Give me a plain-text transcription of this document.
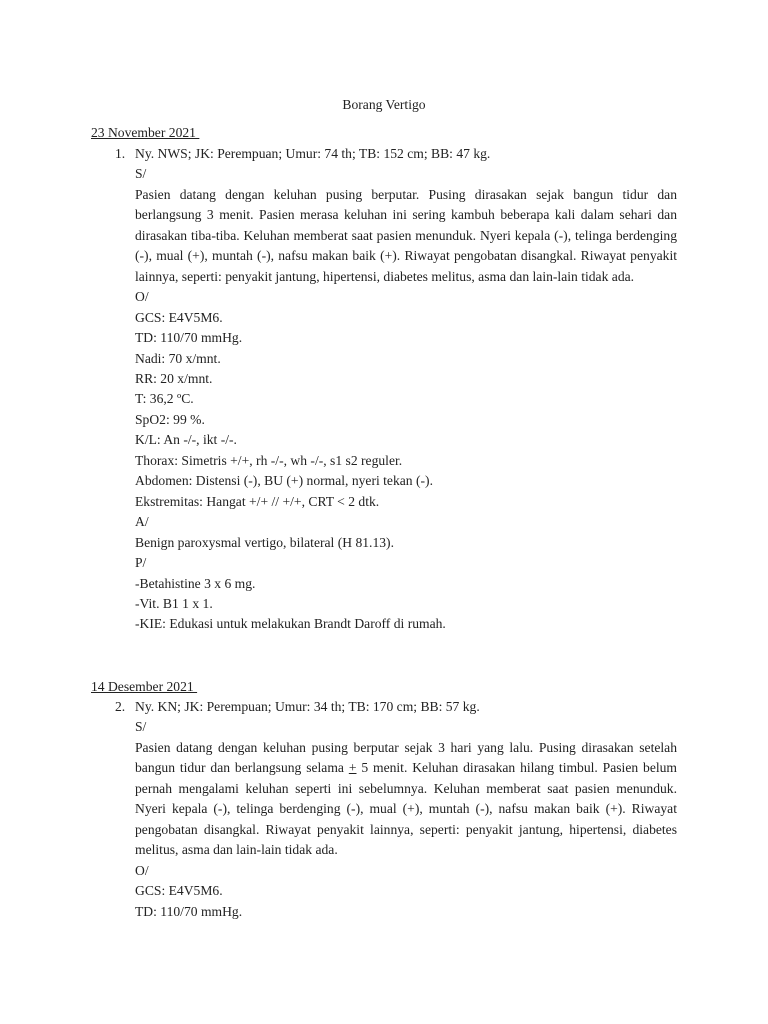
Borang Vertigo
23 November 2021
1. Ny. NWS; JK: Perempuan; Umur: 74 th; TB: 152 cm; BB: 47 kg.
S/
Pasien datang dengan keluhan pusing berputar. Pusing dirasakan sejak bangun tidur dan berlangsung 3 menit. Pasien merasa keluhan ini sering kambuh beberapa kali dalam sehari dan dirasakan tiba-tiba. Keluhan memberat saat pasien menunduk. Nyeri kepala (-), telinga berdenging (-), mual (+), muntah (-), nafsu makan baik (+). Riwayat pengobatan disangkal. Riwayat penyakit lainnya, seperti: penyakit jantung, hipertensi, diabetes melitus, asma dan lain-lain tidak ada.
O/
GCS: E4V5M6.
TD: 110/70 mmHg.
Nadi: 70 x/mnt.
RR: 20 x/mnt.
T: 36,2 ºC.
SpO2: 99 %.
K/L: An -/-, ikt -/-.
Thorax: Simetris +/+, rh -/-, wh -/-, s1 s2 reguler.
Abdomen: Distensi (-), BU (+) normal, nyeri tekan (-).
Ekstremitas: Hangat +/+ // +/+, CRT < 2 dtk.
A/
Benign paroxysmal vertigo, bilateral (H 81.13).
P/
-Betahistine 3 x 6 mg.
-Vit. B1 1 x 1.
-KIE: Edukasi untuk melakukan Brandt Daroff di rumah.
14 Desember 2021
2. Ny. KN; JK: Perempuan; Umur: 34 th; TB: 170 cm; BB: 57 kg.
S/
Pasien datang dengan keluhan pusing berputar sejak 3 hari yang lalu. Pusing dirasakan setelah bangun tidur dan berlangsung selama + 5 menit. Keluhan dirasakan hilang timbul. Pasien belum pernah mengalami keluhan seperti ini sebelumnya. Keluhan memberat saat pasien menunduk. Nyeri kepala (-), telinga berdenging (-), mual (+), muntah (-), nafsu makan baik (+). Riwayat pengobatan disangkal. Riwayat penyakit lainnya, seperti: penyakit jantung, hipertensi, diabetes melitus, asma dan lain-lain tidak ada.
O/
GCS: E4V5M6.
TD: 110/70 mmHg.
